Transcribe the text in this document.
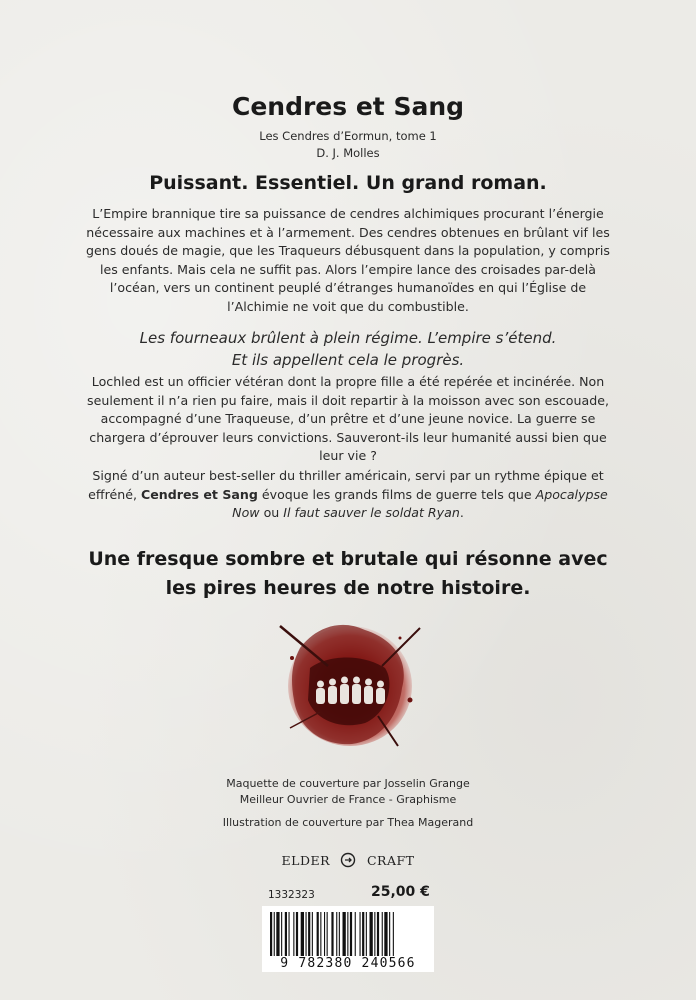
Cendres et Sang
Les Cendres d’Eormun, tome 1
D. J. Molles
Puissant. Essentiel. Un grand roman.
L’Empire brannique tire sa puissance de cendres alchimiques procurant l’énergie nécessaire aux machines et à l’armement. Des cendres obtenues en brûlant vif les gens doués de magie, que les Traqueurs débusquent dans la population, y compris les enfants. Mais cela ne suffit pas. Alors l’empire lance des croisades par-delà l’océan, vers un continent peuplé d’étranges humanoïdes en qui l’Église de l’Alchimie ne voit que du combustible.
Les fourneaux brûlent à plein régime. L’empire s’étend.
Et ils appellent cela le progrès.
Lochled est un officier vétéran dont la propre fille a été repérée et incinérée. Non seulement il n’a rien pu faire, mais il doit repartir à la moisson avec son escouade, accompagné d’une Traqueuse, d’un prêtre et d’une jeune novice. La guerre se chargera d’éprouver leurs convictions. Sauveront-ils leur humanité aussi bien que leur vie ?
Signé d’un auteur best-seller du thriller américain, servi par un rythme épique et effréné, Cendres et Sang évoque les grands films de guerre tels que Apocalypse Now ou Il faut sauver le soldat Ryan.
Une fresque sombre et brutale qui résonne avec
les pires heures de notre histoire.
Maquette de couverture par Josselin Grange
Meilleur Ouvrier de France - Graphisme
Illustration de couverture par Thea Magerand
ELDER	CRAFT
1332323	25,00 €
9 782380 240566
